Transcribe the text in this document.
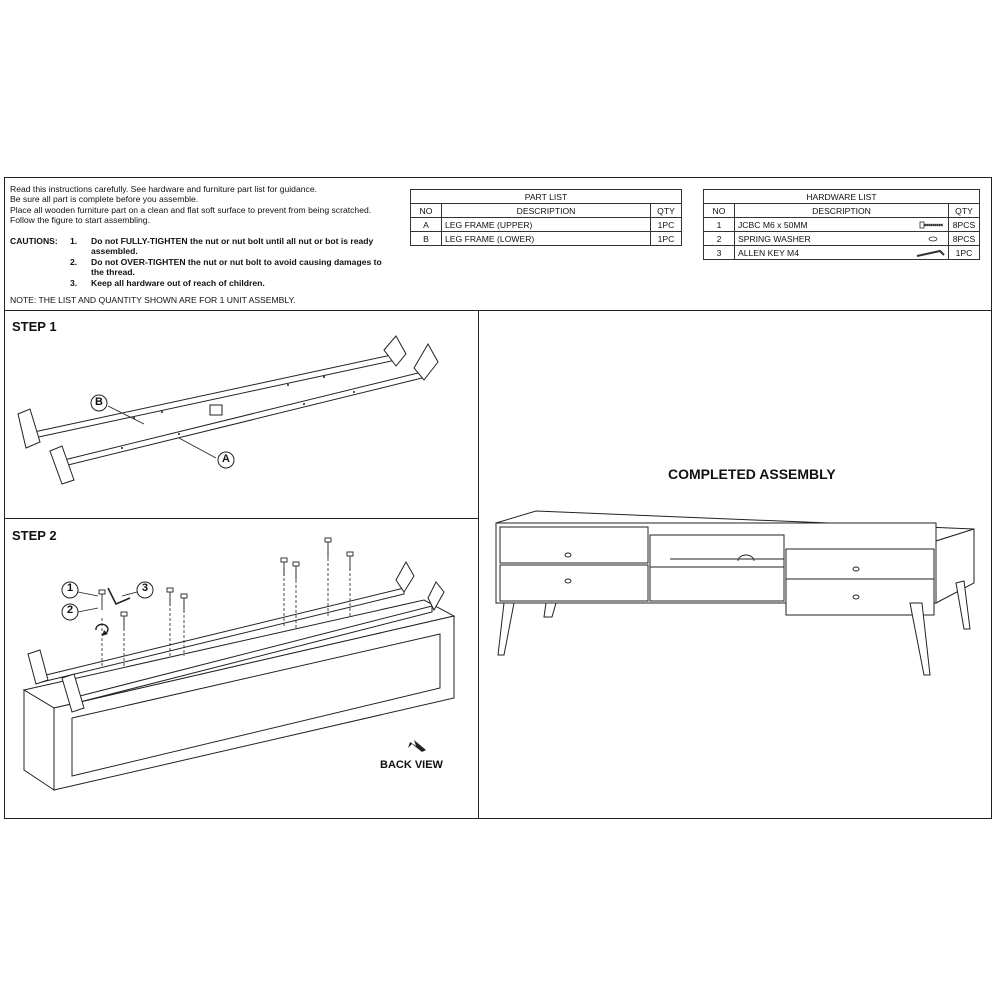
Read this instructions carefully. See hardware and furniture part list for guidance.

Be sure all part is complete before you assemble.

Place all wooden furniture part on a clean and flat soft surface to prevent from being scratched.

Follow the figure to start assembling.

CAUTIONS: 1. Do not FULLY-TIGHTEN the nut or nut bolt until all nut or bot is ready assembled.
2. Do not OVER-TIGHTEN the nut or nut bolt to avoid causing damages to the thread.
3. Keep all hardware out of reach of children.
NOTE: THE LIST AND QUANTITY SHOWN ARE FOR 1 UNIT ASSEMBLY.
PART LIST		
NO	DESCRIPTION	QTY
A	LEG FRAME (UPPER)	1PC
B	LEG FRAME (LOWER)	1PC
HARDWARE LIST		
NO	DESCRIPTION	QTY
1	JCBC M6 x 50MM	8PCS
2	SPRING WASHER	8PCS
3	ALLEN KEY M4	1PC
STEP 1
B
A
STEP 2
1
2
3
BACK VIEW
COMPLETED ASSEMBLY
